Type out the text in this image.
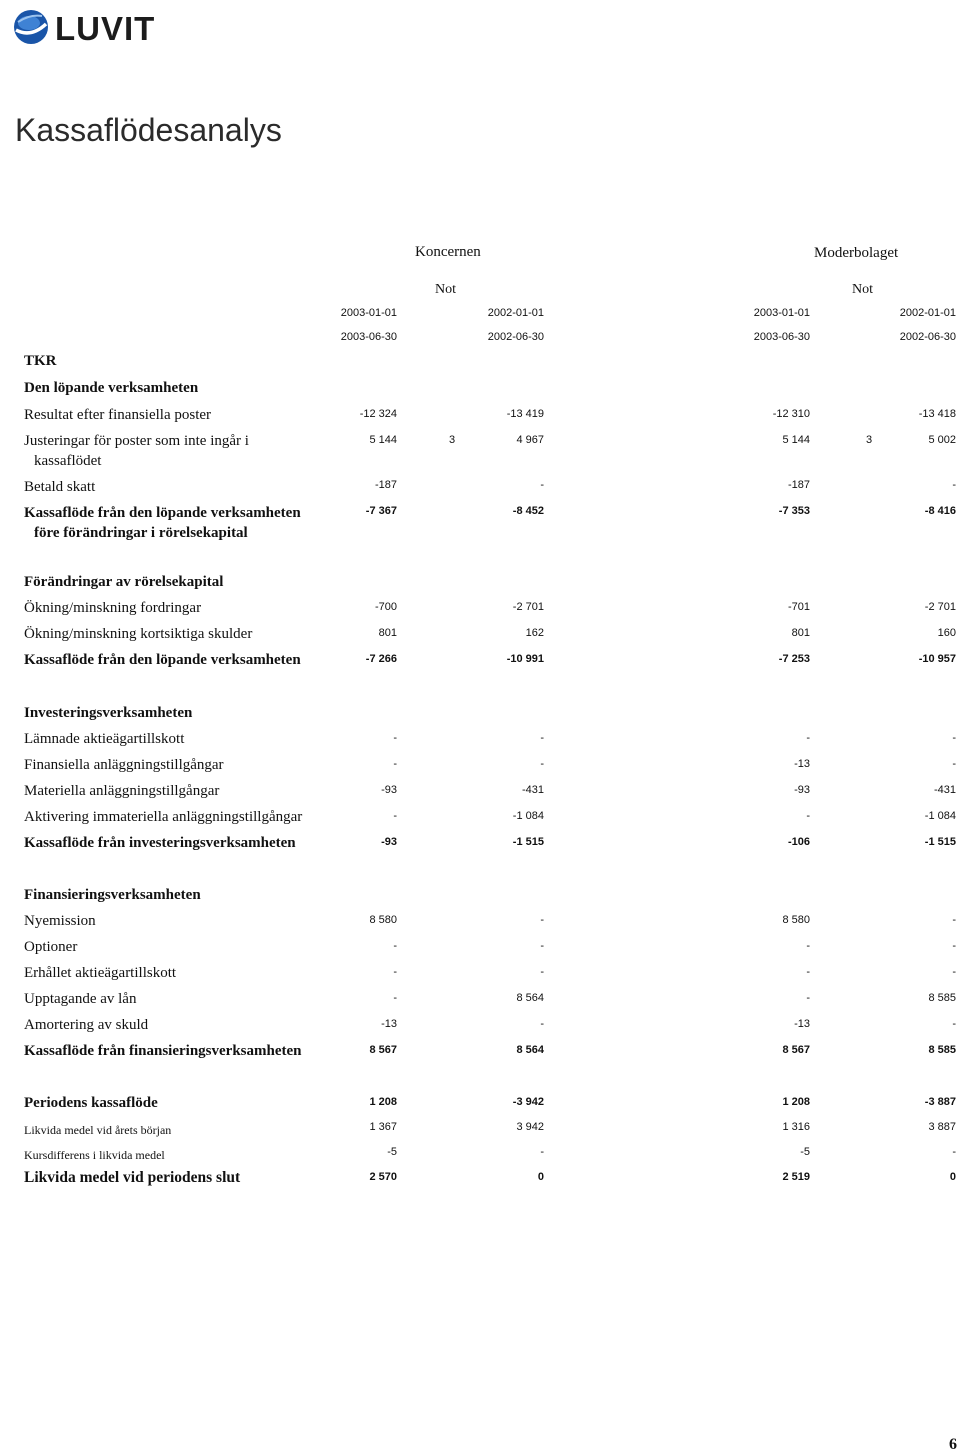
LUVIT
Kassaflödesanalys
Koncernen	Moderbolaget
Not	Not
2003-01-01	2002-01-01	2003-01-01	2002-01-01
2003-06-30	2002-06-30	2003-06-30	2002-06-30
TKR
Den löpande verksamheten
Resultat efter finansiella poster	-12 324	-13 419	-12 310	-13 418
Justeringar för poster som inte ingår i
kassaflödet
5 144	3	4 967	5 144	3	5 002
Betald skatt	-187	-	-187	-
Kassaflöde från den löpande verksamheten
före förändringar i rörelsekapital
-7 367	-8 452	-7 353	-8 416
Förändringar av rörelsekapital
Ökning/minskning fordringar	-700	-2 701	-701	-2 701
Ökning/minskning kortsiktiga skulder	801	162	801	160
Kassaflöde från den löpande verksamheten	-7 266	-10 991	-7 253	-10 957
Investeringsverksamheten
Lämnade aktieägartillskott	-	-	-	-
Finansiella anläggningstillgångar	-	-	-13	-
Materiella anläggningstillgångar	-93	-431	-93	-431
Aktivering immateriella anläggningstillgångar	-	-1 084	-	-1 084
Kassaflöde från investeringsverksamheten	-93	-1 515	-106	-1 515
Finansieringsverksamheten
Nyemission	8 580	-	8 580	-
Optioner	-	-	-	-
Erhållet aktieägartillskott	-	-	-	-
Upptagande av lån	-	8 564	-	8 585
Amortering av skuld	-13	-	-13	-
Kassaflöde från finansieringsverksamheten	8 567	8 564	8 567	8 585
Periodens kassaflöde	1 208	-3 942	1 208	-3 887
Likvida medel vid årets början	1 367	3 942	1 316	3 887
Kursdifferens i likvida medel	-5	-	-5	-
Likvida medel vid periodens slut	2 570	0	2 519	0
6
